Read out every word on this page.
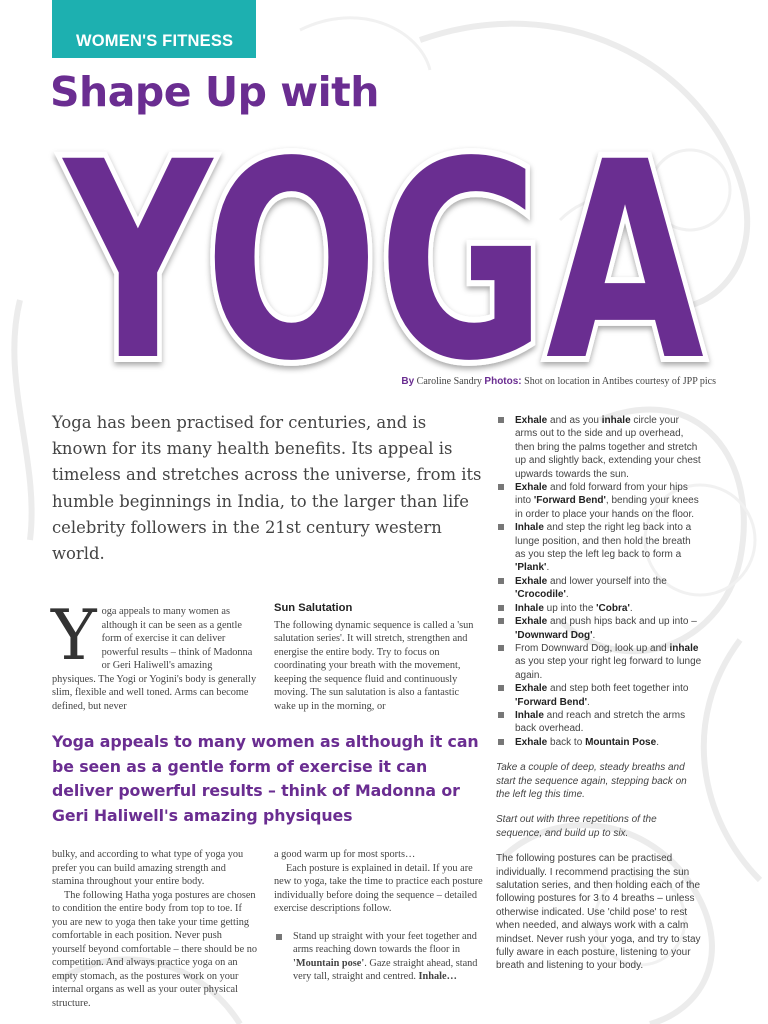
WOMEN'S FITNESS
Shape Up with
YOGA
By Caroline Sandry Photos: Shot on location in Antibes courtesy of JPP pics

Yoga has been practised for centuries, and is known for its many health benefits. Its appeal is timeless and stretches across the universe, from its humble beginnings in India, to the larger than life celebrity followers in the 21st century western world.

Y oga appeals to many women as although it can be seen as a gentle form of exercise it can deliver powerful results – think of Madonna or Geri Haliwell's amazing physiques. The Yogi or Yogini's body is generally slim, flexible and well toned. Arms can become defined, but never
Sun Salutation

The following dynamic sequence is called a 'sun salutation series'. It will stretch, strengthen and energise the entire body. Try to focus on coordinating your breath with the movement, keeping the sequence fluid and continuously moving. The sun salutation is also a fantastic wake up in the morning, or

Yoga appeals to many women as although it can be seen as a gentle form of exercise it can deliver powerful results – think of Madonna or Geri Haliwell's amazing physiques

bulky, and according to what type of yoga you prefer you can build amazing strength and stamina throughout your entire body.

The following Hatha yoga postures are chosen to condition the entire body from top to toe. If you are new to yoga then take your time getting comfortable in each position. Never push yourself beyond comfortable – there should be no competition. And always practice yoga on an empty stomach, as the postures work on your internal organs as well as your outer physical structure.

a good warm up for most sports…

Each posture is explained in detail. If you are new to yoga, take the time to practice each posture individually before doing the sequence – detailed exercise descriptions follow.

Stand up straight with your feet together and arms reaching down towards the floor in 'Mountain pose'. Gaze straight ahead, stand very tall, straight and centred. Inhale…
Exhale and as you inhale circle your arms out to the side and up overhead, then bring the palms together and stretch up and slightly back, extending your chest upwards towards the sun.
Exhale and fold forward from your hips into 'Forward Bend', bending your knees in order to place your hands on the floor.
Inhale and step the right leg back into a lunge position, and then hold the breath as you step the left leg back to form a 'Plank'.
Exhale and lower yourself into the 'Crocodile'.
Inhale up into the 'Cobra'.
Exhale and push hips back and up into – 'Downward Dog'.
From Downward Dog, look up and inhale as you step your right leg forward to lunge again.
Exhale and step both feet together into 'Forward Bend'.
Inhale and reach and stretch the arms back overhead.
Exhale back to Mountain Pose.

Take a couple of deep, steady breaths and start the sequence again, stepping back on the left leg this time.

Start out with three repetitions of the sequence, and build up to six.

The following postures can be practised individually. I recommend practising the sun salutation series, and then holding each of the following postures for 3 to 4 breaths – unless otherwise indicated. Use 'child pose' to rest when needed, and always work with a calm mindset. Never rush your yoga, and try to stay fully aware in each posture, listening to your breath and listening to your body.
